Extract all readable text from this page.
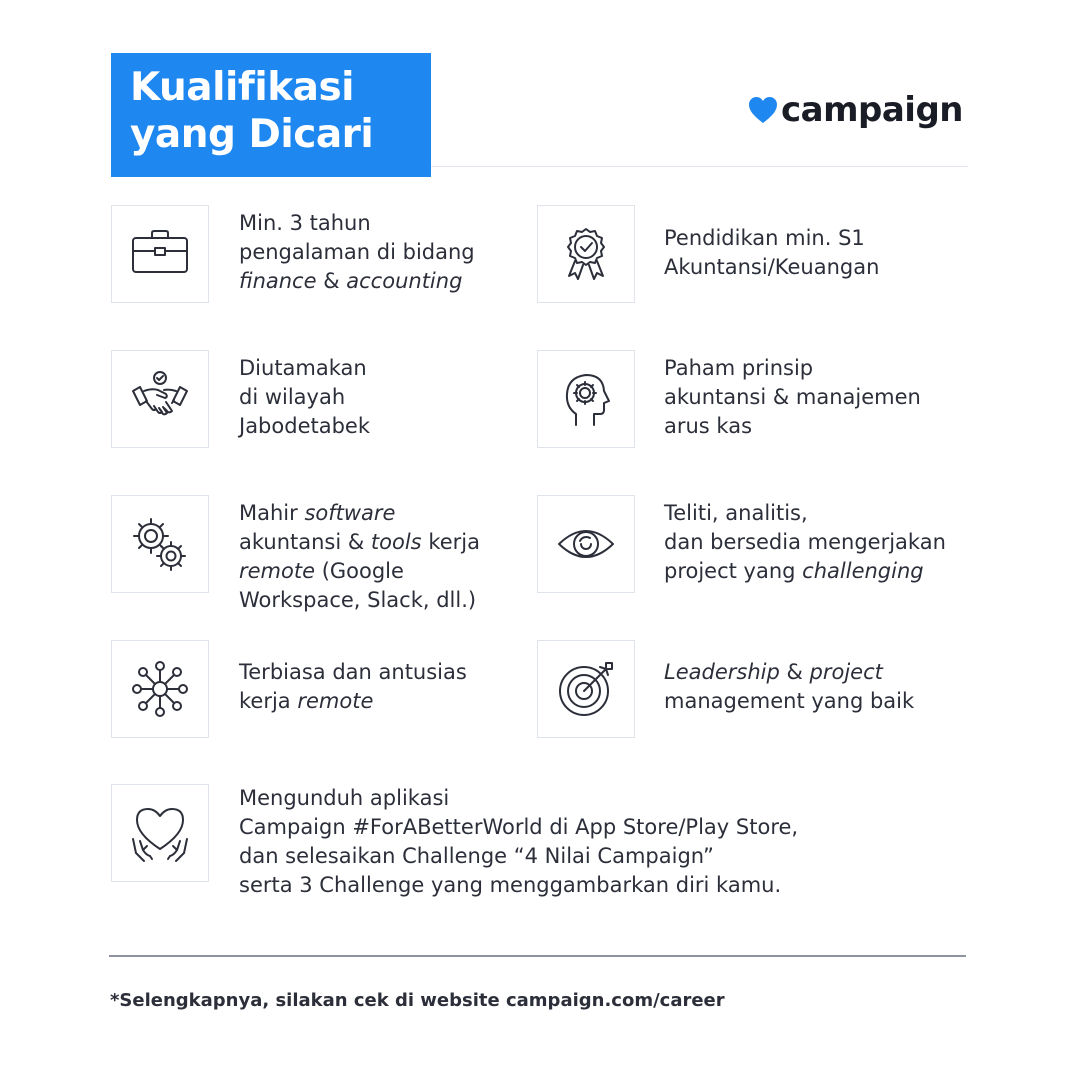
Kualifikasi
yang Dicari
campaign
Min. 3 tahun
pengalaman di bidang
finance & accounting
Pendidikan min. S1
Akuntansi/Keuangan
Diutamakan
di wilayah
Jabodetabek
Paham prinsip
akuntansi & manajemen
arus kas
Mahir software
akuntansi & tools kerja
remote (Google
Workspace, Slack, dll.)
Teliti, analitis,
dan bersedia mengerjakan
project yang challenging
Terbiasa dan antusias
kerja remote
Leadership & project
management yang baik
Mengunduh aplikasi
Campaign #ForABetterWorld di App Store/Play Store,
dan selesaikan Challenge “4 Nilai Campaign”
serta 3 Challenge yang menggambarkan diri kamu.
*Selengkapnya, silakan cek di website campaign.com/career
